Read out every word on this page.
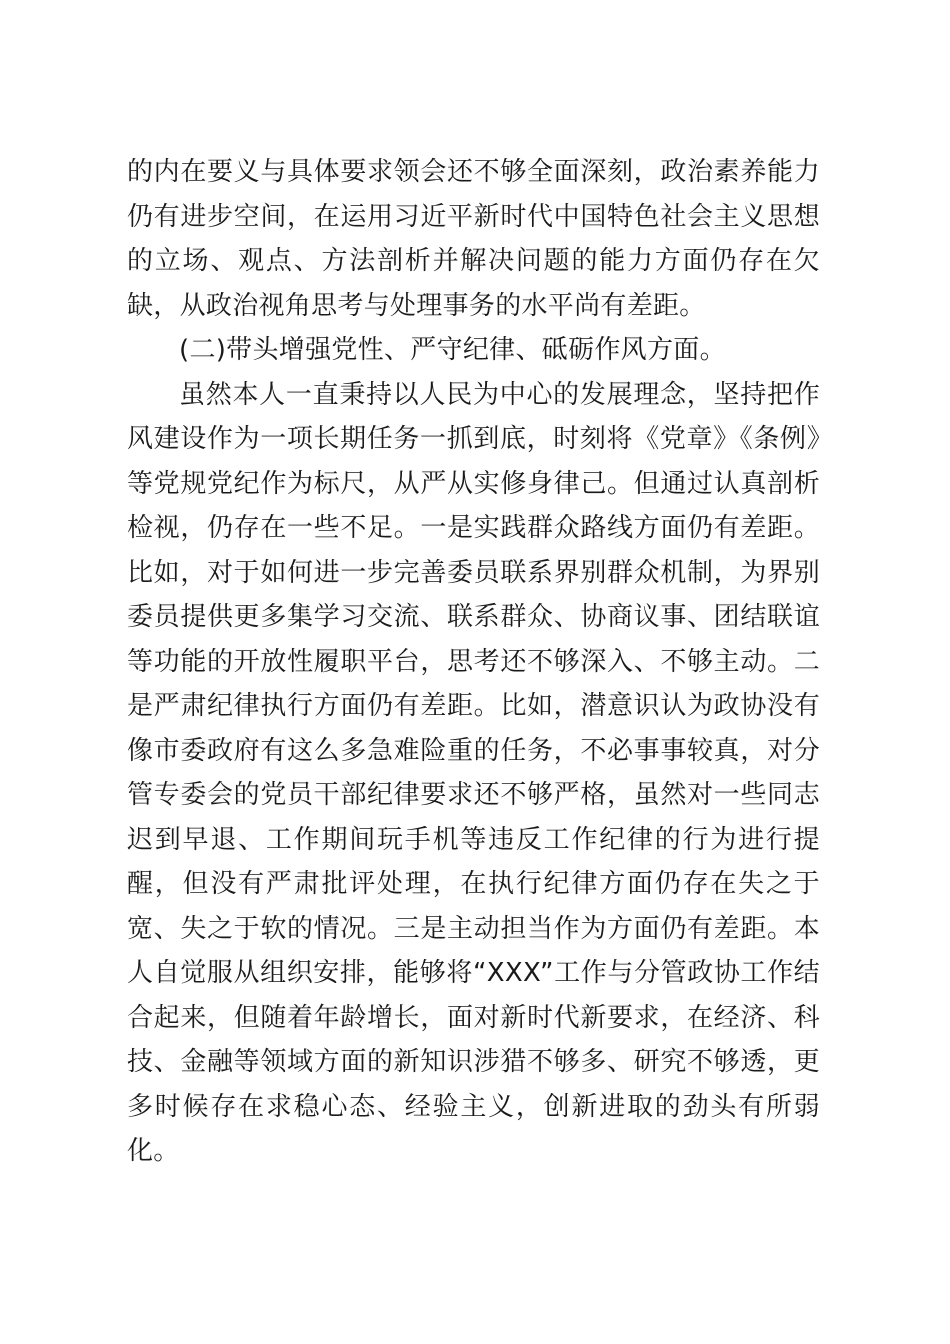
的内在要义与具体要求领会还不够全面深刻，政治素养能力仍有进步空间，在运用习近平新时代中国特色社会主义思想的立场、观点、方法剖析并解决问题的能力方面仍存在欠缺，从政治视角思考与处理事务的水平尚有差距。

(二)带头增强党性、严守纪律、砥砺作风方面。

虽然本人一直秉持以人民为中心的发展理念，坚持把作风建设作为一项长期任务一抓到底，时刻将《党章》《条例》等党规党纪作为标尺，从严从实修身律己。但通过认真剖析检视，仍存在一些不足。一是实践群众路线方面仍有差距。比如，对于如何进一步完善委员联系界别群众机制，为界别委员提供更多集学习交流、联系群众、协商议事、团结联谊等功能的开放性履职平台，思考还不够深入、不够主动。二是严肃纪律执行方面仍有差距。比如，潜意识认为政协没有像市委政府有这么多急难险重的任务，不必事事较真，对分管专委会的党员干部纪律要求还不够严格，虽然对一些同志迟到早退、工作期间玩手机等违反工作纪律的行为进行提醒，但没有严肃批评处理，在执行纪律方面仍存在失之于宽、失之于软的情况。三是主动担当作为方面仍有差距。本人自觉服从组织安排，能够将“XXX”工作与分管政协工作结合起来，但随着年龄增长，面对新时代新要求，在经济、科技、金融等领域方面的新知识涉猎不够多、研究不够透，更多时候存在求稳心态、经验主义，创新进取的劲头有所弱化。
